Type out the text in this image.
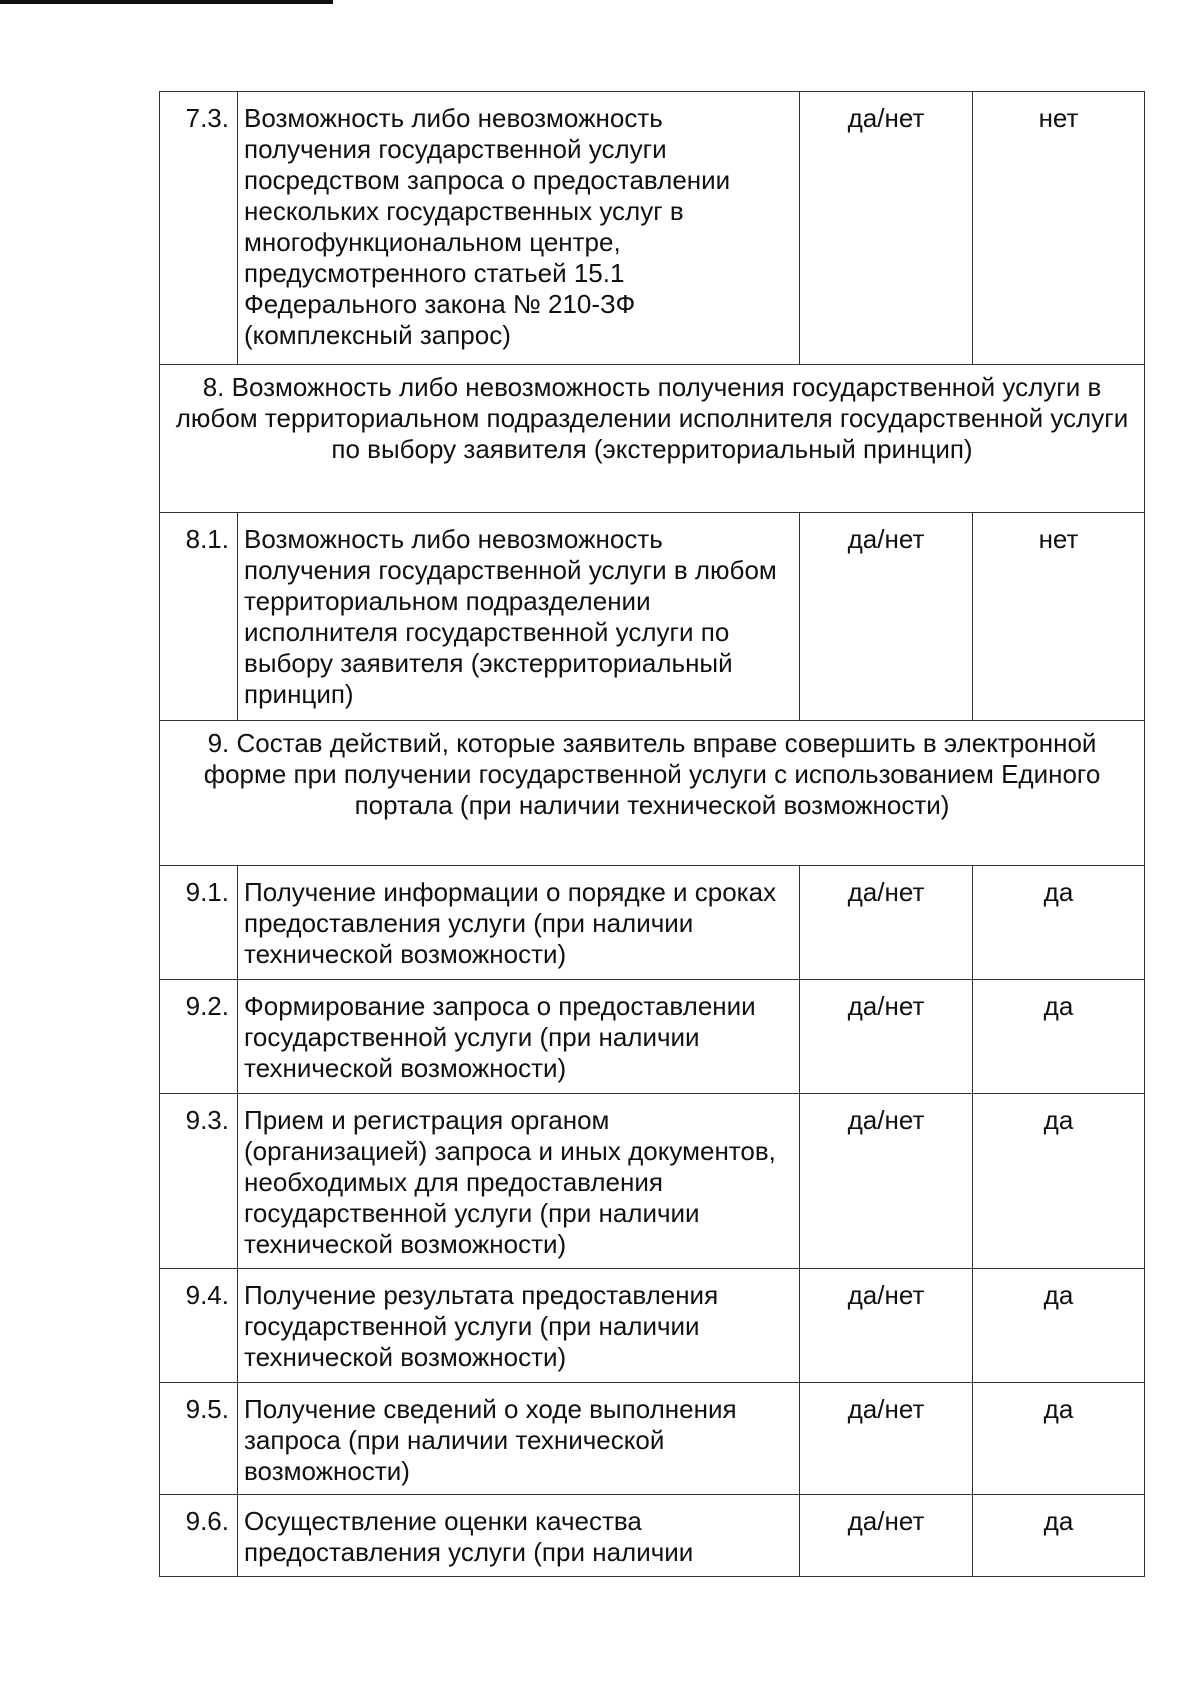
7.3.	Возможность либо невозможность получения государственной услуги посредством запроса о предоставлении нескольких государственных услуг в многофункциональном центре, предусмотренного статьей 15.1 Федерального закона № 210-ЗФ (комплексный запрос)	да/нет	нет
8. Возможность либо невозможность получения государственной услуги в любом территориальном подразделении исполнителя государственной услуги по выбору заявителя (экстерриториальный принцип)			
8.1.	Возможность либо невозможность получения государственной услуги в любом территориальном подразделении исполнителя государственной услуги по выбору заявителя (экстерриториальный принцип)	да/нет	нет
9. Состав действий, которые заявитель вправе совершить в электронной форме при получении государственной услуги с использованием Единого портала (при наличии технической возможности)			
9.1.	Получение информации о порядке и сроках предоставления услуги (при наличии технической возможности)	да/нет	да
9.2.	Формирование запроса о предоставлении государственной услуги (при наличии технической возможности)	да/нет	да
9.3.	Прием и регистрация органом (организацией) запроса и иных документов, необходимых для предоставления государственной услуги (при наличии технической возможности)	да/нет	да
9.4.	Получение результата предоставления государственной услуги (при наличии технической возможности)	да/нет	да
9.5.	Получение сведений о ходе выполнения запроса (при наличии технической возможности)	да/нет	да
9.6.	Осуществление оценки качества предоставления услуги (при наличии	да/нет	да
